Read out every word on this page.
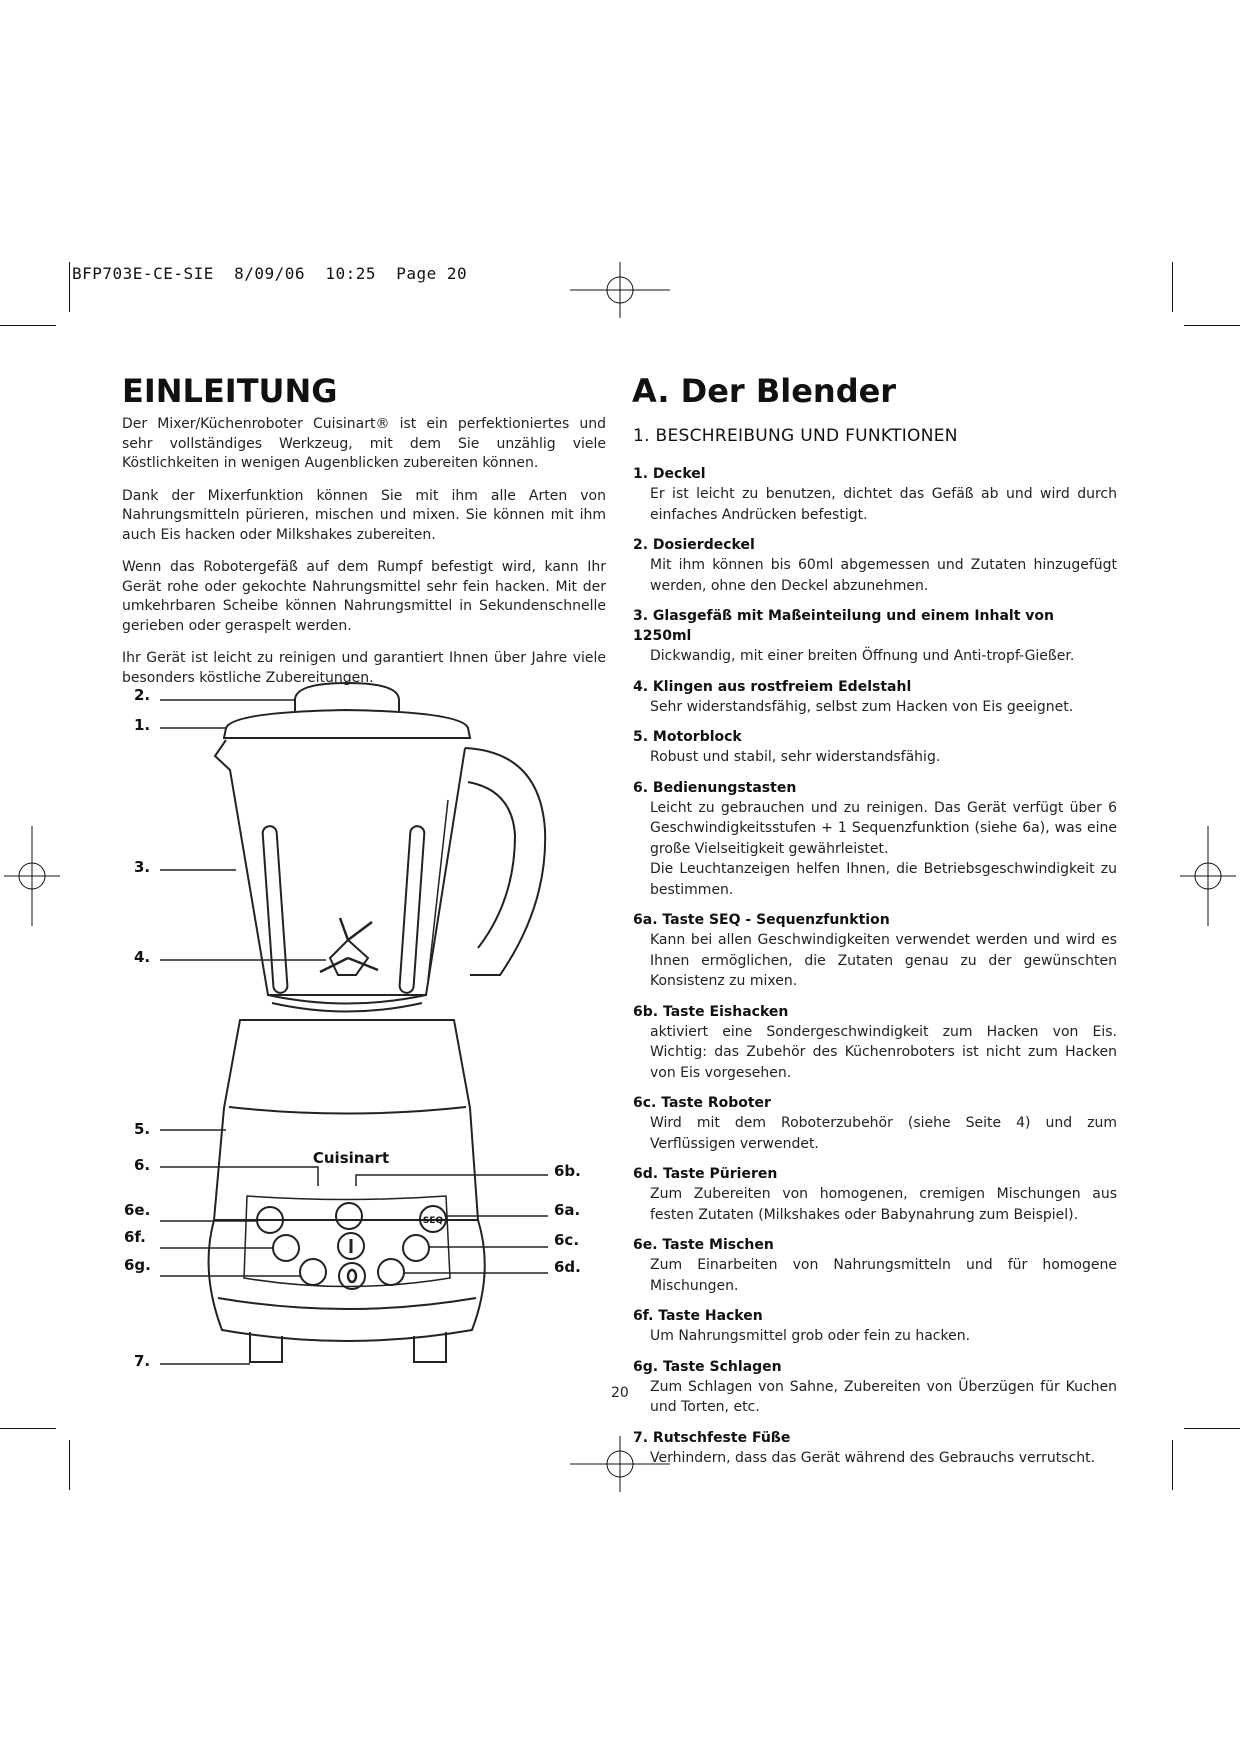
BFP703E-CE-SIE  8/09/06  10:25  Page 20
EINLEITUNG

Der Mixer/Küchenroboter Cuisinart® ist ein perfektioniertes und sehr vollständiges Werkzeug, mit dem Sie unzählig viele Köstlichkeiten in wenigen Augenblicken zubereiten können.

Dank der Mixerfunktion können Sie mit ihm alle Arten von Nahrungsmitteln pürieren, mischen und mixen. Sie können mit ihm auch Eis hacken oder Milkshakes zubereiten.

Wenn das Robotergefäß auf dem Rumpf befestigt wird, kann Ihr Gerät rohe oder gekochte Nahrungsmittel sehr fein hacken. Mit der umkehrbaren Scheibe können Nahrungsmittel in Sekundenschnelle gerieben oder geraspelt werden.

Ihr Gerät ist leicht zu reinigen und garantiert Ihnen über Jahre viele besonders köstliche Zubereitungen.

Cuisinart
SEQ
2.
1.
3.
4.
5.
6.
6e.
6f.
6g.
7.
6b.
6a.
6c.
6d.
A. Der Blender
1. BESCHREIBUNG UND FUNKTIONEN
1. Deckel
Er ist leicht zu benutzen, dichtet das Gefäß ab und wird durch einfaches Andrücken befestigt.
2. Dosierdeckel
Mit ihm können bis 60ml abgemessen und Zutaten hinzugefügt werden, ohne den Deckel abzunehmen.
3. Glasgefäß mit Maßeinteilung und einem Inhalt von 1250ml
Dickwandig, mit einer breiten Öffnung und Anti-tropf-Gießer.
4. Klingen aus rostfreiem Edelstahl
Sehr widerstandsfähig, selbst zum Hacken von Eis geeignet.
5. Motorblock
Robust und stabil, sehr widerstandsfähig.
6. Bedienungstasten
Leicht zu gebrauchen und zu reinigen. Das Gerät verfügt über 6 Geschwindigkeitsstufen + 1 Sequenzfunktion (siehe 6a), was eine große Vielseitigkeit gewährleistet.
Die Leuchtanzeigen helfen Ihnen, die Betriebsgeschwindigkeit zu bestimmen.
6a. Taste SEQ - Sequenzfunktion
Kann bei allen Geschwindigkeiten verwendet werden und wird es Ihnen ermöglichen, die Zutaten genau zu der gewünschten Konsistenz zu mixen.
6b. Taste Eishacken
aktiviert eine Sondergeschwindigkeit zum Hacken von Eis. Wichtig: das Zubehör des Küchenroboters ist nicht zum Hacken von Eis vorgesehen.
6c. Taste Roboter
Wird mit dem Roboterzubehör (siehe Seite 4) und zum Verflüssigen verwendet.
6d. Taste Pürieren
Zum Zubereiten von homogenen, cremigen Mischungen aus festen Zutaten (Milkshakes oder Babynahrung zum Beispiel).
6e. Taste Mischen
Zum Einarbeiten von Nahrungsmitteln und für homogene Mischungen.
6f. Taste Hacken
Um Nahrungsmittel grob oder fein zu hacken.
6g. Taste Schlagen
Zum Schlagen von Sahne, Zubereiten von Überzügen für Kuchen und Torten, etc.
7. Rutschfeste Füße
Verhindern, dass das Gerät während des Gebrauchs verrutscht.
20
